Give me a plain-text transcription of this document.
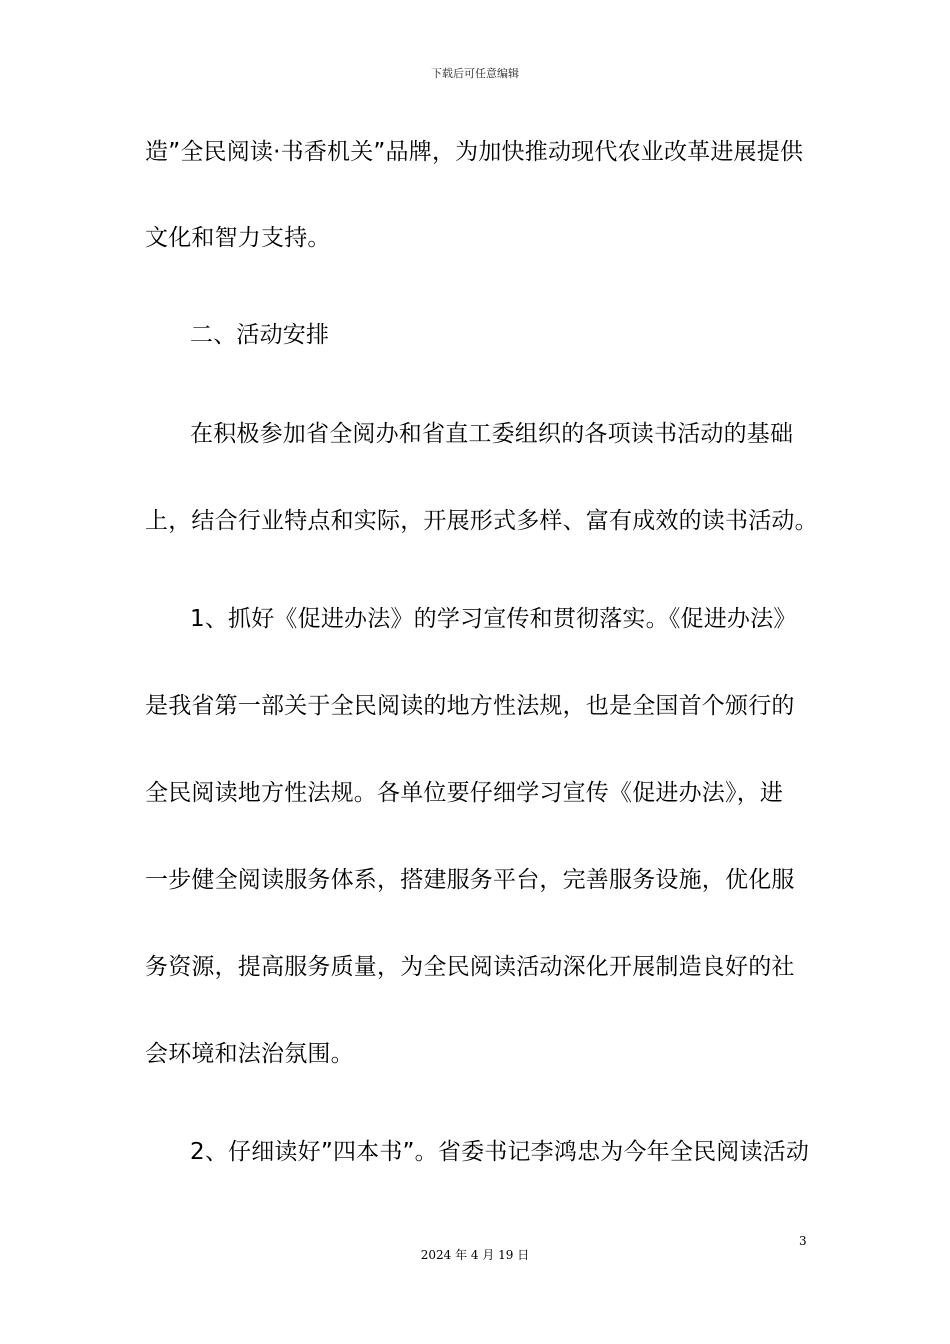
下载后可任意编辑
造”全民阅读·书香机关”品牌，为加快推动现代农业改革进展提供
文化和智力支持。
二、活动安排
在积极参加省全阅办和省直工委组织的各项读书活动的基础
上，结合行业特点和实际，开展形式多样、富有成效的读书活动。
1、抓好《促进办法》的学习宣传和贯彻落实。《促进办法》
是我省第一部关于全民阅读的地方性法规，也是全国首个颁行的
全民阅读地方性法规。各单位要仔细学习宣传《促进办法》，进
一步健全阅读服务体系，搭建服务平台，完善服务设施，优化服
务资源，提高服务质量，为全民阅读活动深化开展制造良好的社
会环境和法治氛围。
2、仔细读好”四本书”。省委书记李鸿忠为今年全民阅读活动
3
2024 年 4 月 19 日
